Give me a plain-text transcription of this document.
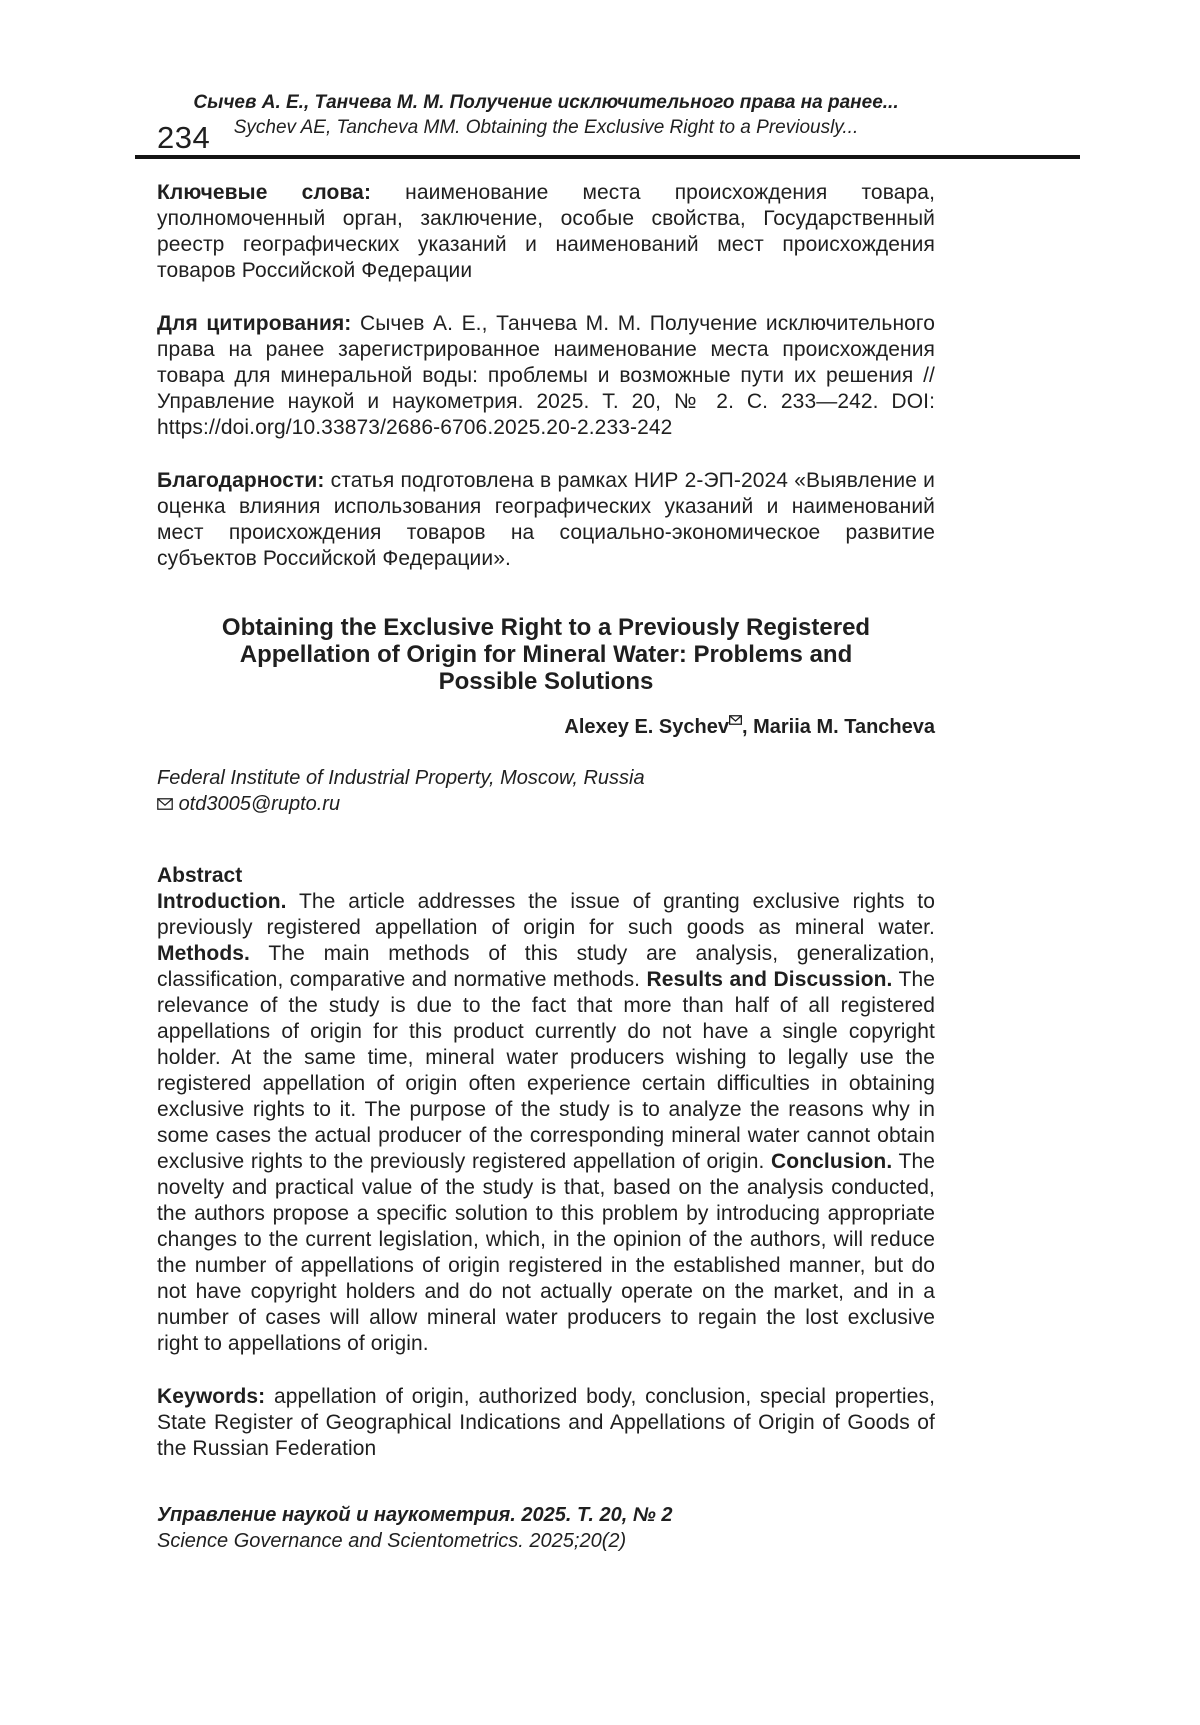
Сычев А. Е., Танчева М. М. Получение исключительного права на ранее...
Sychev AE, Tancheva MM. Obtaining the Exclusive Right to a Previously...
234

Ключевые слова: наименование места происхождения товара, уполномоченный орган, заключение, особые свойства, Государственный реестр географических указаний и наименований мест происхождения товаров Российской Федерации

Для цитирования: Сычев А. Е., Танчева М. М. Получение исключительного права на ранее зарегистрированное наименование места происхождения товара для минеральной воды: проблемы и возможные пути их решения // Управление наукой и наукометрия. 2025. Т. 20, № 2. С. 233—242. DOI: https://doi.org/10.33873/2686-6706.2025.20-2.233-242

Благодарности: статья подготовлена в рамках НИР 2-ЭП-2024 «Выявление и оценка влияния использования географических указаний и наименований мест происхождения товаров на социально-экономическое развитие субъектов Российской Федерации».

Obtaining the Exclusive Right to a Previously Registered Appellation of Origin for Mineral Water: Problems and Possible Solutions
Alexey E. Sychev , Mariia M. Tancheva

Federal Institute of Industrial Property, Moscow, Russia

otd3005@rupto.ru

Abstract

Introduction. The article addresses the issue of granting exclusive rights to previously registered appellation of origin for such goods as mineral water. Methods. The main methods of this study are analysis, generalization, classification, comparative and normative methods. Results and Discussion. The relevance of the study is due to the fact that more than half of all registered appellations of origin for this product currently do not have a single copyright holder. At the same time, mineral water producers wishing to legally use the registered appellation of origin often experience certain difficulties in obtaining exclusive rights to it. The purpose of the study is to analyze the reasons why in some cases the actual producer of the corresponding mineral water cannot obtain exclusive rights to the previously registered appellation of origin. Conclusion. The novelty and practical value of the study is that, based on the analysis conducted, the authors propose a specific solution to this problem by introducing appropriate changes to the current legislation, which, in the opinion of the authors, will reduce the number of appellations of origin registered in the established manner, but do not have copyright holders and do not actually operate on the market, and in a number of cases will allow mineral water producers to regain the lost exclusive right to appellations of origin.

Keywords: appellation of origin, authorized body, conclusion, special properties, State Register of Geographical Indications and Appellations of Origin of Goods of the Russian Federation

Управление наукой и наукометрия. 2025. Т. 20, № 2

Science Governance and Scientometrics. 2025;20(2)
